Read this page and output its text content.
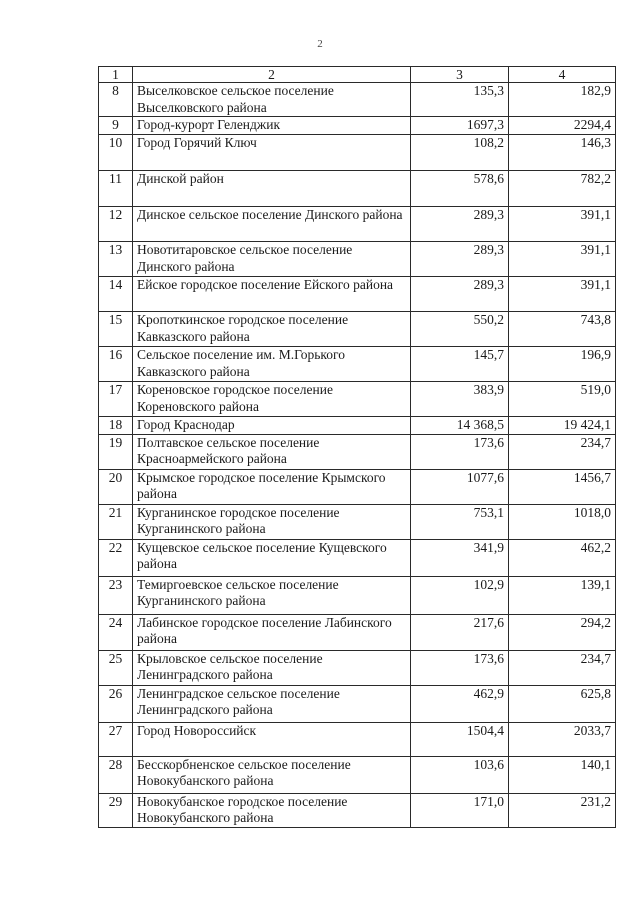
2
1	2	3	4
8	Выселковское сельское поселение Выселковского района	135,3	182,9
9	Город-курорт Геленджик	1697,3	2294,4
10	Город Горячий Ключ	108,2	146,3
11	Динской район	578,6	782,2
12	Динское сельское поселение Динского района	289,3	391,1
13	Новотитаровское сельское поселение Динского района	289,3	391,1
14	Ейское городское поселение Ейского района	289,3	391,1
15	Кропоткинское городское поселение Кавказского района	550,2	743,8
16	Сельское поселение им. М.Горького Кавказского района	145,7	196,9
17	Кореновское городское поселение Кореновского района	383,9	519,0
18	Город Краснодар	14 368,5	19 424,1
19	Полтавское сельское поселение Красноармейского района	173,6	234,7
20	Крымское городское поселение Крымского района	1077,6	1456,7
21	Курганинское городское поселение Курганинского района	753,1	1018,0
22	Кущевское сельское поселение Кущевского района	341,9	462,2
23	Темиргоевское сельское поселение Курганинского района	102,9	139,1
24	Лабинское городское поселение Лабинского района	217,6	294,2
25	Крыловское сельское поселение Ленинградского района	173,6	234,7
26	Ленинградское сельское поселение Ленинградского района	462,9	625,8
27	Город Новороссийск	1504,4	2033,7
28	Бесскорбненское сельское поселение Новокубанского района	103,6	140,1
29	Новокубанское городское поселение Новокубанского района	171,0	231,2
